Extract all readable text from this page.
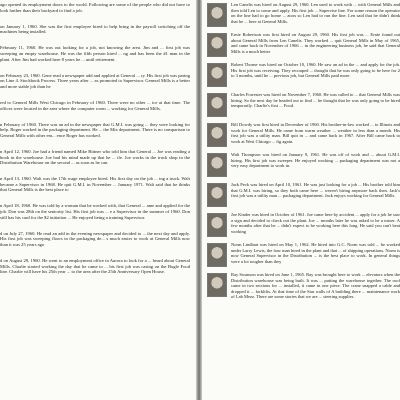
ago opened its employment doors to the world. Following are some of the people who did not have to look farther than their backyard to find a job.

on January 1, 1960. She was the first employee hired to help bring in the payroll switching off the machines being installed.

February 11, 1960. He was out looking for a job, not knowing the area. Jim and ... first job was sweeping an empty warehouse. He was the fifth person hired ... ng and has been the #1 man in the plant. After Jim had worked here 8 years he ... until retirement.

on February 23, 1960. Gene read a newspaper add and applied at General ... ry. His first job was paring on Line 4. Stockbook Process. Three years after ... as promoted to Supervisor. General Mills is a better and more stable job than he

red to General Mills West Chicago in February of 1960. There were no other ... ice at that time. The offices were located in the area where the computer room ... working for General Mills.

n February of 1960. There was an ad in the newspaper that G.M.I. was going ... they were looking for help. Roger worked in the packaging department. He ... the Mix department. There is no comparison to General Mills with other em... ence Roger has worked.

n April 12, 1960. Joe had a friend named Mike Bittner who told him that General ... Joe was reading a book in the warehouse. Joe had his mind made up that he ... ife. Joe works in the truck shop in the Distribution Warehouse on the second ... as soon as he can.

n April 13, 1960. Walt was the 17th wage employee hired. His first day on the job ... ing a truck. Walt became a Supervisor in 1968. He quit G.M.I. in November ... January 1971. Walt said that he thinks that General Mills is the best place to

n April 18, 1960. He was told by a woman that he worked with, that General ... ame and applied for the job. Don was 28th on the seniority list. His first job was ... e a Supervisor in the summer of 1960. Don still has his card for the $2 initiation ... He enjoyed being a training Supervisor.

d on July 27, 1960. He read an add in the evening newspaper and decided to ... the next day and apply. His first job was sweeping floors in the packaging de... s much easier to work at General Mills now than it was 25 years ago

d on August 29, 1960. He went to an employment office in Aurora to look for a ... heard about General Mills. Charlie started working the day that he came to ... his first job was casing on the Bugle Food line. Charlie will have his 25th year ... to the area after the 25th Anniversary Open House.

Len Canelis was hired on August 29, 1960. Len used to work with ... with General Mills and then told Len to come and apply. His first job ... Supervise line. For some reason the operator on the line had to go home ... ators so Len had to run the line. Len said that he didn't think that he ... here at General Mills.

Ernie Robertson was first hired on August 29, 1960. His first job was ... Ernie found out about General Mills from Len Canelis. They worked ... quit General Mills in May of 1965, and came back in November of 1966 ... in the engineering business job, he said that General Mills is a much better

Robert Thorne was hired on October 10, 1960. He saw an ad in the ... and apply for the job. His first job was receiving. They recouped ... thought that he was only going to be here for 2 to 3 months, until he ... previous job, but General Mills paid more.

Charles Forrester was hired on November 7, 1960. He was called to ... that General Mills was hiring. So the next day he headed out to find ... he thought that he was only going to be hired temporarily. Charlie's first ... Food.

Bill Dowdy was first hired in December of 1960. His brother-in-law worked ... to Illinois and work for General Mills. He came from warm weather ... weather in less than a month. His first job was a utility man. Bill quit in ... and came back in 1967. After Bill came back to work at West Chicago ... fig again.

Walt Thompson was hired on January 9, 1961. He was off of work and ... about G.M.I. hiring. His first job was sweeper. He enjoyed working ... packaging department was not a very easy department to work in.

Jack Peck was hired on April 10, 1961. He was just looking for a job ... His brother told him that G.M.I. was hiring, so they both came here ... weren't hiring anymore back then. Jack's first job was a utility man ... packaging department. Jack enjoys working for General Mills.

Joe Kinder was hired in October of 1961. Joe came here by accident ... apply for a job he saw a sign and decided to check out the plant. Joe ... months later he was asked to be a mixer. A few months after that he ... didn't expect to be working here this long. He said you can't beat working

Norm Lindhart was hired on May 1, 1962. He hired into G.C. Norm was told ... he worked under Larry Lewis, the four man hired in the plant and that ... of shipping operations. Norm is now General Supervisor in the Distribution ... is the best place to work. In general things were a lot tougher than they

Ray Swanson was hired on June 1, 1965. Ray was brought here to work ... elevators when the Distribution warehouse was being built. It was ... putting the warehouse together. The roof came in two sections for ... installed, it came in one piece. The crane snapped a cable and dropped it ... forklifts. At that time of the Star walls of A building there ... maintenance work of Lab Mezz. There are some stories that we are ... steering supplies.
